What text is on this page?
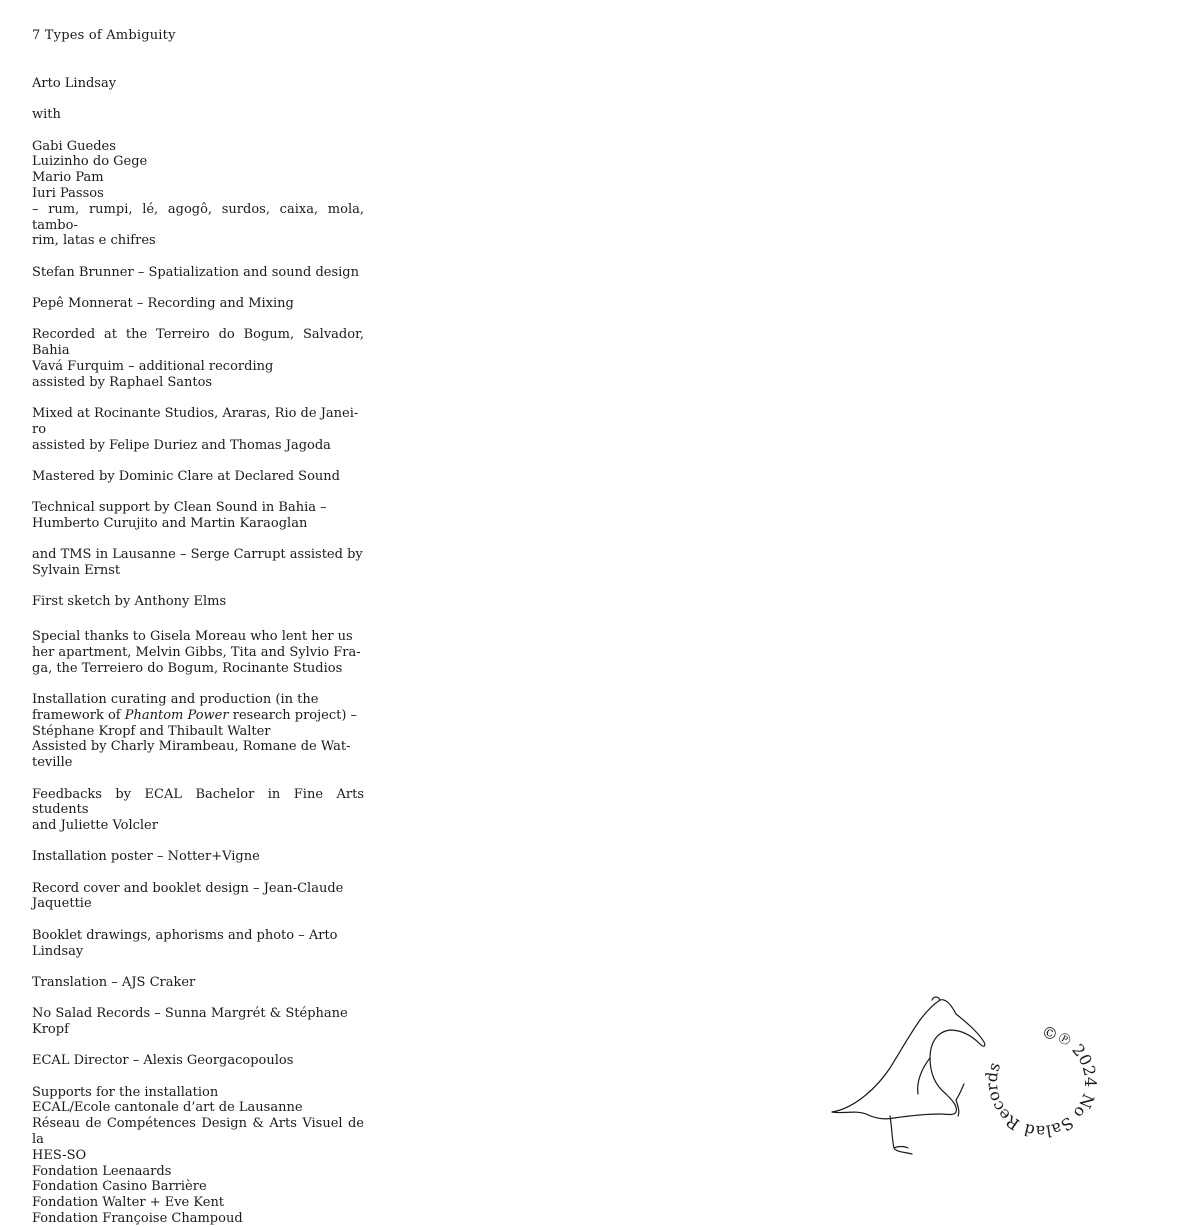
7 Types of Ambiguity
Arto Lindsay
with
Gabi Guedes
Luizinho do Gege
Mario Pam
Iuri Passos
– rum, rumpi, lé, agogô, surdos, caixa, mola, tambo-
rim, latas e chifres
Stefan Brunner – Spatialization and sound design
Pepê Monnerat – Recording and Mixing
Recorded at the Terreiro do Bogum, Salvador, Bahia
Vavá Furquim – additional recording
assisted by Raphael Santos
Mixed at Rocinante Studios, Araras, Rio de Janei-
ro
assisted by Felipe Duriez and Thomas Jagoda
Mastered by Dominic Clare at Declared Sound
Technical support by Clean Sound in Bahia –
Humberto Curujito and Martin Karaoglan
and TMS in Lausanne – Serge Carrupt assisted by
Sylvain Ernst
First sketch by Anthony Elms
Special thanks to Gisela Moreau who lent her us
her apartment, Melvin Gibbs, Tita and Sylvio Fra-
ga, the Terreiero do Bogum, Rocinante Studios
Installation curating and production (in the
framework of Phantom Power research project) –
Stéphane Kropf and Thibault Walter
Assisted by Charly Mirambeau, Romane de Wat-
teville
Feedbacks by ECAL Bachelor in Fine Arts students
and Juliette Volcler
Installation poster – Notter+Vigne
Record cover and booklet design – Jean-Claude
Jaquettie
Booklet drawings, aphorisms and photo – Arto
Lindsay
Translation – AJS Craker
No Salad Records – Sunna Margrét & Stéphane
Kropf
ECAL Director – Alexis Georgacopoulos
Supports for the installation
ECAL/Ecole cantonale d’art de Lausanne
Réseau de Compétences Design & Arts Visuel de la
HES-SO
Fondation Leenaards
Fondation Casino Barrière
Fondation Walter + Eve Kent
Fondation Françoise Champoud
©℗ 2024 No Salad Records
